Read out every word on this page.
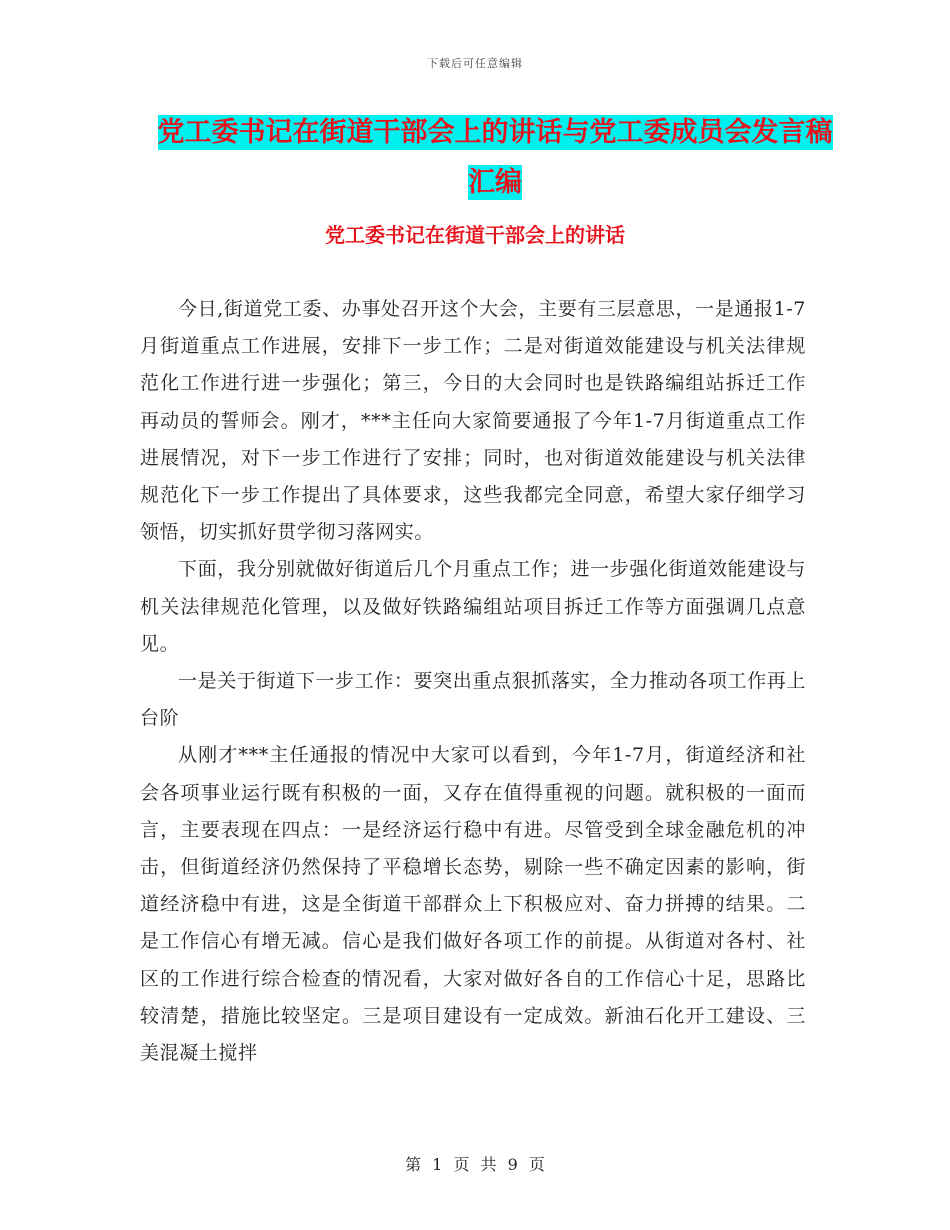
下载后可任意编辑
党工委书记在街道干部会上的讲话与党工委成员会发言稿汇编
党工委书记在街道干部会上的讲话

今日,街道党工委、办事处召开这个大会，主要有三层意思，一是通报1-7月街道重点工作进展，安排下一步工作；二是对街道效能建设与机关法律规范化工作进行进一步强化；第三，今日的大会同时也是铁路编组站拆迁工作再动员的誓师会。刚才，***主任向大家简要通报了今年1-7月街道重点工作进展情况，对下一步工作进行了安排；同时，也对街道效能建设与机关法律规范化下一步工作提出了具体要求，这些我都完全同意，希望大家仔细学习领悟，切实抓好贯学彻习落网实。

下面，我分别就做好街道后几个月重点工作；进一步强化街道效能建设与机关法律规范化管理，以及做好铁路编组站项目拆迁工作等方面强调几点意见。

一是关于街道下一步工作：要突出重点狠抓落实，全力推动各项工作再上台阶

从刚才***主任通报的情况中大家可以看到，今年1-7月，街道经济和社会各项事业运行既有积极的一面，又存在值得重视的问题。就积极的一面而言，主要表现在四点：一是经济运行稳中有进。尽管受到全球金融危机的冲击，但街道经济仍然保持了平稳增长态势，剔除一些不确定因素的影响，街道经济稳中有进，这是全街道干部群众上下积极应对、奋力拼搏的结果。二是工作信心有增无减。信心是我们做好各项工作的前提。从街道对各村、社区的工作进行综合检查的情况看，大家对做好各自的工作信心十足，思路比较清楚，措施比较坚定。三是项目建设有一定成效。新油石化开工建设、三美混凝土搅拌

第 1 页 共 9 页
